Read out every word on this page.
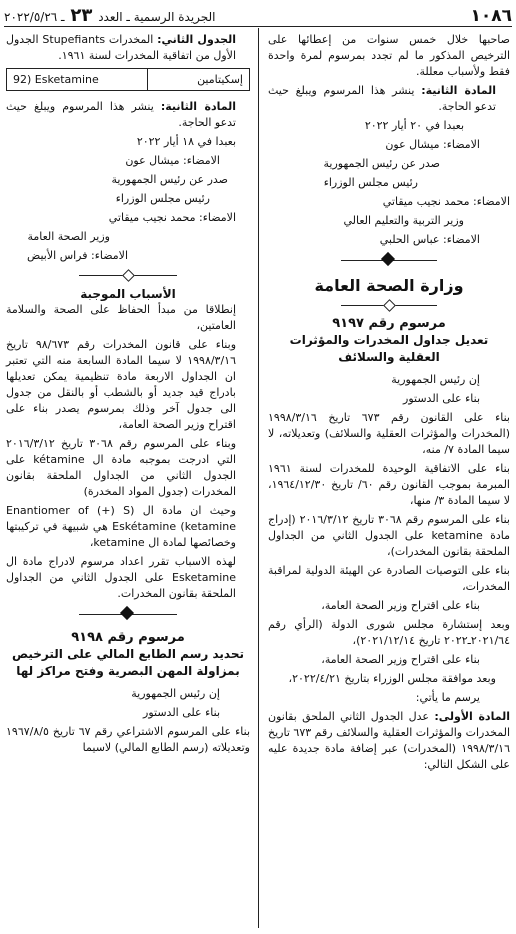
١٠٨٦
الجريدة الرسمية ـ العدد ٢٣ ـ ٢٠٢٢/٥/٢٦

صاحبها خلال خمس سنوات من إعطائها على الترخيص المذكور ما لم تجدد بمرسوم لمرة واحدة فقط ولأسباب معللة.

المادة الثانية: ينشر هذا المرسوم ويبلغ حيث تدعو الحاجة.

بعبدا في ٢٠ أيار ٢٠٢٢

الامضاء: ميشال عون

صدر عن رئيس الجمهورية

رئيس مجلس الوزراء

الامضاء: محمد نجيب ميقاتي

وزير التربية والتعليم العالي

الامضاء: عباس الحلبي

وزارة الصحة العامة
مرسوم رقم ٩١٩٧
تعديل جداول المخدرات والمؤثرات العقلية والسلائف

إن رئيس الجمهورية

بناء على الدستور

بناء على القانون رقم ٦٧٣ تاريخ ١٩٩٨/٣/١٦ (المخدرات والمؤثرات العقلية والسلائف) وتعديلاته، لا سيما المادة ٧/ منه،

بناء على الاتفاقية الوحيدة للمخدرات لسنة ١٩٦١ المبرمة بموجب القانون رقم ٦٠/ تاريخ ١٩٦٤/١٢/٣٠، لا سيما المادة ٣/ منها،

بناء على المرسوم رقم ٣٠٦٨ تاريخ ٢٠١٦/٣/١٢ (إدراج مادة ketamine على الجدول الثاني من الجداول الملحقة بقانون المخدرات)،

بناء على التوصيات الصادرة عن الهيئة الدولية لمراقبة المخدرات،

بناء على اقتراح وزير الصحة العامة،

وبعد إستشارة مجلس شورى الدولة (الرأي رقم ٢٠٢١/٦٤ـ٢٠٢٢ تاريخ ٢٠٢١/١٢/١٤)،

بناء على اقتراح وزير الصحة العامة،

وبعد موافقة مجلس الوزراء بتاريخ ٢٠٢٢/٤/٢١،

يرسم ما يأتي:

المادة الأولى: عدل الجدول الثاني الملحق بقانون المخدرات والمؤثرات العقلية والسلائف رقم ٦٧٣ تاريخ ١٩٩٨/٣/١٦ (المخدرات) عبر إضافة مادة جديدة عليه على الشكل التالي:

الجدول الثاني: المخدرات Stupefiants الجدول الأول من اتفاقية المخدرات لسنة ١٩٦١.

إسكيتامين	92) Esketamine

المادة الثانية: ينشر هذا المرسوم ويبلغ حيث تدعو الحاجة.

بعبدا في ١٨ أيار ٢٠٢٢

الامضاء: ميشال عون

صدر عن رئيس الجمهورية

رئيس مجلس الوزراء

الامضاء: محمد نجيب ميقاتي

وزير الصحة العامة

الامضاء: فراس الأبيض

الأسباب الموجبة

إنطلاقا من مبدأ الحفاظ على الصحة والسلامة العامتين،

وبناء على قانون المخدرات رقم ٩٨/٦٧٣ تاريخ ١٩٩٨/٣/١٦ لا سيما المادة السابعة منه التي تعتبر ان الجداول الاربعة مادة تنظيمية يمكن تعديلها بادراج قيد جديد أو بالشطب أو بالنقل من جدول الى جدول آخر وذلك بمرسوم يصدر بناء على اقتراح وزير الصحة العامة،

وبناء على المرسوم رقم ٣٠٦٨ تاريخ ٢٠١٦/٣/١٢ التي ادرجت بموجبه مادة ال kétamine على الجدول الثاني من الجداول الملحقة بقانون المخدرات (جدول المواد المخدرة)

وحيث ان مادة ال Enantiomer of (+) S) Eskétamine (ketamine هي شبيهة في تركيبتها وخصائصها لمادة ال ketamine،

لهذه الاسباب تقرر اعداد مرسوم لادراج مادة ال Esketamine على الجدول الثاني من الجداول الملحقة بقانون المخدرات.

مرسوم رقم ٩١٩٨
تحديد رسم الطابع المالي على الترخيص بمزاولة المهن البصرية وفتح مراكز لها

إن رئيس الجمهورية

بناء على الدستور

بناء على المرسوم الاشتراعي رقم ٦٧ تاريخ ١٩٦٧/٨/٥ وتعديلاته (رسم الطابع المالي) لاسيما
